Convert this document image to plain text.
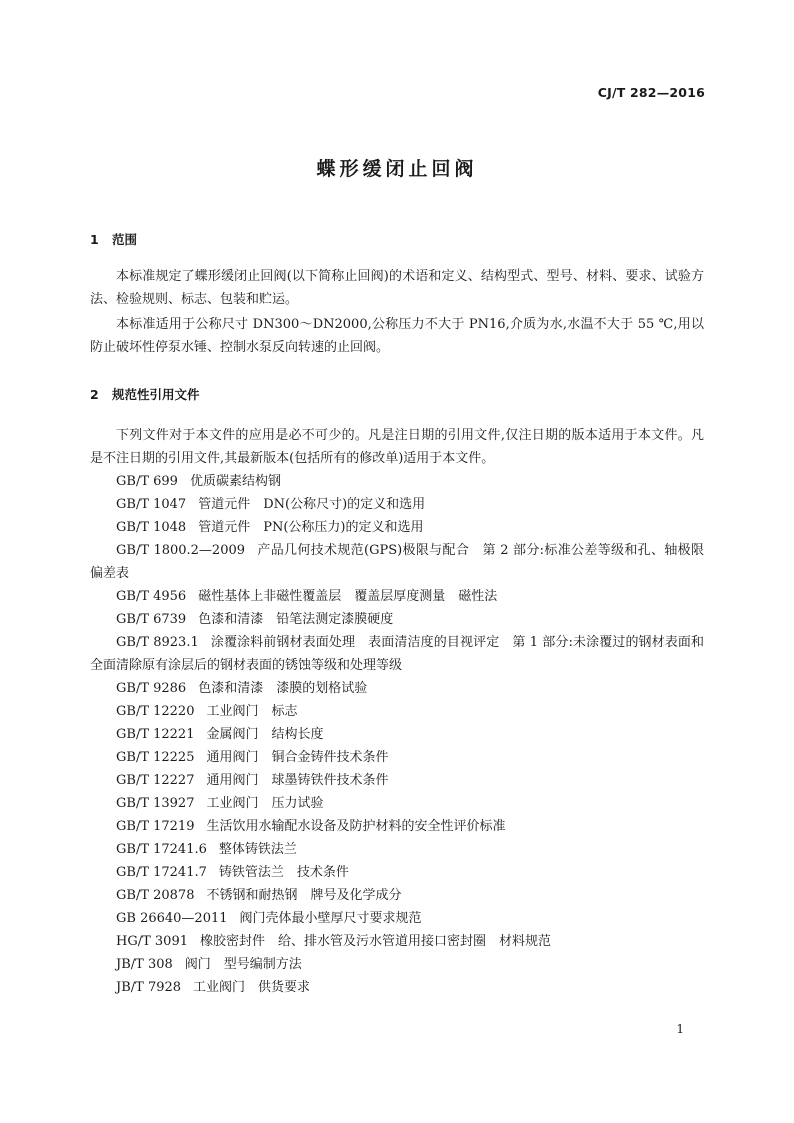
CJ/T 282—2016
蝶形缓闭止回阀
1 范围

本标准规定了蝶形缓闭止回阀(以下简称止回阀)的术语和定义、结构型式、型号、材料、要求、试验方法、检验规则、标志、包装和贮运。

本标准适用于公称尺寸 DN300～DN2000,公称压力不大于 PN16,介质为水,水温不大于 55 ℃,用以防止破坏性停泵水锤、控制水泵反向转速的止回阀。

2 规范性引用文件

下列文件对于本文件的应用是必不可少的。凡是注日期的引用文件,仅注日期的版本适用于本文件。凡是不注日期的引用文件,其最新版本(包括所有的修改单)适用于本文件。

GB/T 699 优质碳素结构钢
GB/T 1047 管道元件　DN(公称尺寸)的定义和选用
GB/T 1048 管道元件　PN(公称压力)的定义和选用
GB/T 1800.2—2009 产品几何技术规范(GPS)极限与配合　第 2 部分:标准公差等级和孔、轴极限偏差表
GB/T 4956 磁性基体上非磁性覆盖层　覆盖层厚度测量　磁性法
GB/T 6739 色漆和清漆　铅笔法测定漆膜硬度
GB/T 8923.1 涂覆涂料前钢材表面处理　表面清洁度的目视评定　第 1 部分:未涂覆过的钢材表面和全面清除原有涂层后的钢材表面的锈蚀等级和处理等级
GB/T 9286 色漆和清漆　漆膜的划格试验
GB/T 12220 工业阀门　标志
GB/T 12221 金属阀门　结构长度
GB/T 12225 通用阀门　铜合金铸件技术条件
GB/T 12227 通用阀门　球墨铸铁件技术条件
GB/T 13927 工业阀门　压力试验
GB/T 17219 生活饮用水输配水设备及防护材料的安全性评价标准
GB/T 17241.6 整体铸铁法兰
GB/T 17241.7 铸铁管法兰　技术条件
GB/T 20878 不锈钢和耐热钢　牌号及化学成分
GB 26640—2011 阀门壳体最小壁厚尺寸要求规范
HG/T 3091 橡胶密封件　给、排水管及污水管道用接口密封圈　材料规范
JB/T 308 阀门　型号编制方法
JB/T 7928 工业阀门　供货要求
1
